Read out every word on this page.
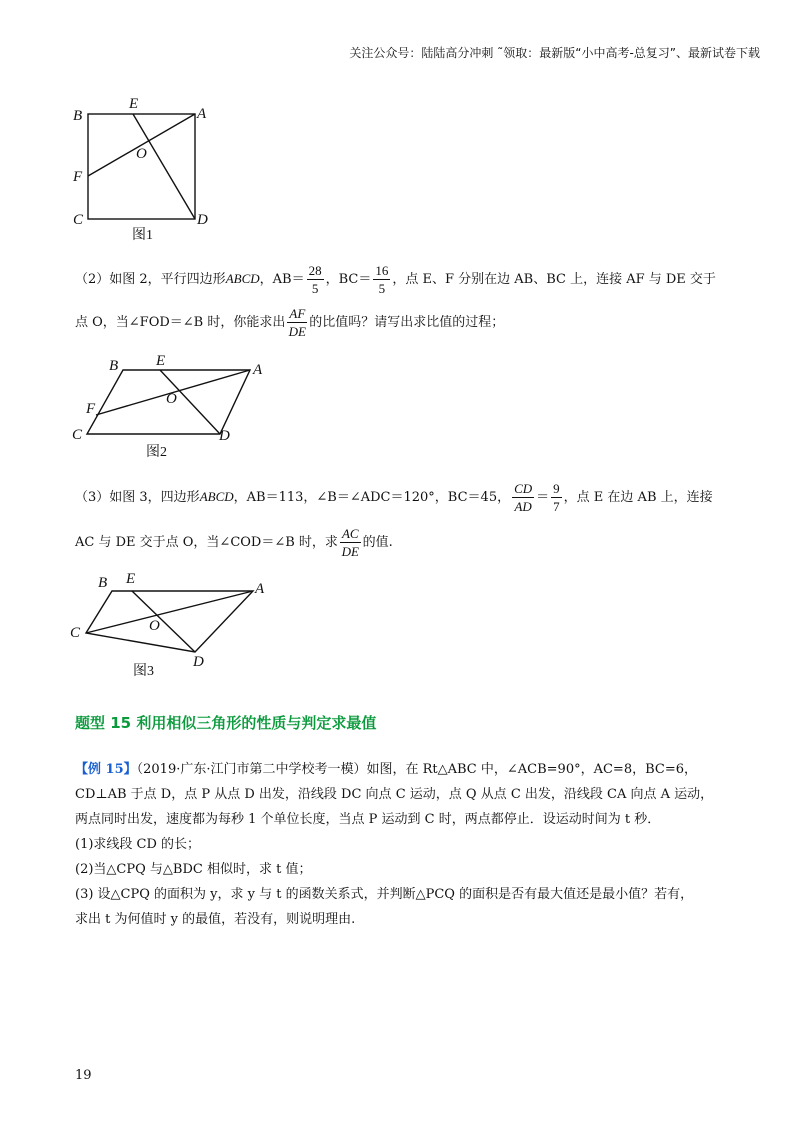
关注公众号：陆陆高分冲刺 ˜领取：最新版“小中高考-总复习”、最新试卷下载
B
E
A
O
F
C	D
图1
（2）如图 2，平行四边形ABCD，$AB= \frac{28}{5}$ ，$BC= \frac{16}{5}$ ，点 E、F 分别在边 AB、BC 上，连接 AF 与 DE 交于
点 O，当∠FOD＝∠B 时，你能求出 $\frac{AF}{DE}$ 的比值吗？请写出求比值的过程；
B	E
A
O
F
C	D
图2
（3）如图 3，四边形ABCD，AB＝113，∠B＝∠ADC＝120°，BC＝45， $\frac{CD}{AD} = \frac{9}{7}$ ，点 E 在边 AB 上，连接
AC 与 DE 交于点 O，当∠COD＝∠B 时，求 $\frac{AC}{DE}$ 的值.
B E
A
O
C
D
图3
题型 15 利用相似三角形的性质与判定求最值
【例 15】（2019·广东·江门市第二中学校考一模）如图，在 Rt△ABC 中，∠ACB=90°，AC=8，BC=6，
CD⊥AB 于点 D，点 P 从点 D 出发，沿线段 DC 向点 C 运动，点 Q 从点 C 出发，沿线段 CA 向点 A 运动，
两点同时出发，速度都为每秒 1 个单位长度，当点 P 运动到 C 时，两点都停止．设运动时间为 t 秒．
(1)求线段 CD 的长；
(2)当△CPQ 与△BDC 相似时，求 t 值；
(3) 设△CPQ 的面积为 y，求 y 与 t 的函数关系式，并判断△PCQ 的面积是否有最大值还是最小值？若有，
求出 t 为何值时 y 的最值，若没有，则说明理由.
19
